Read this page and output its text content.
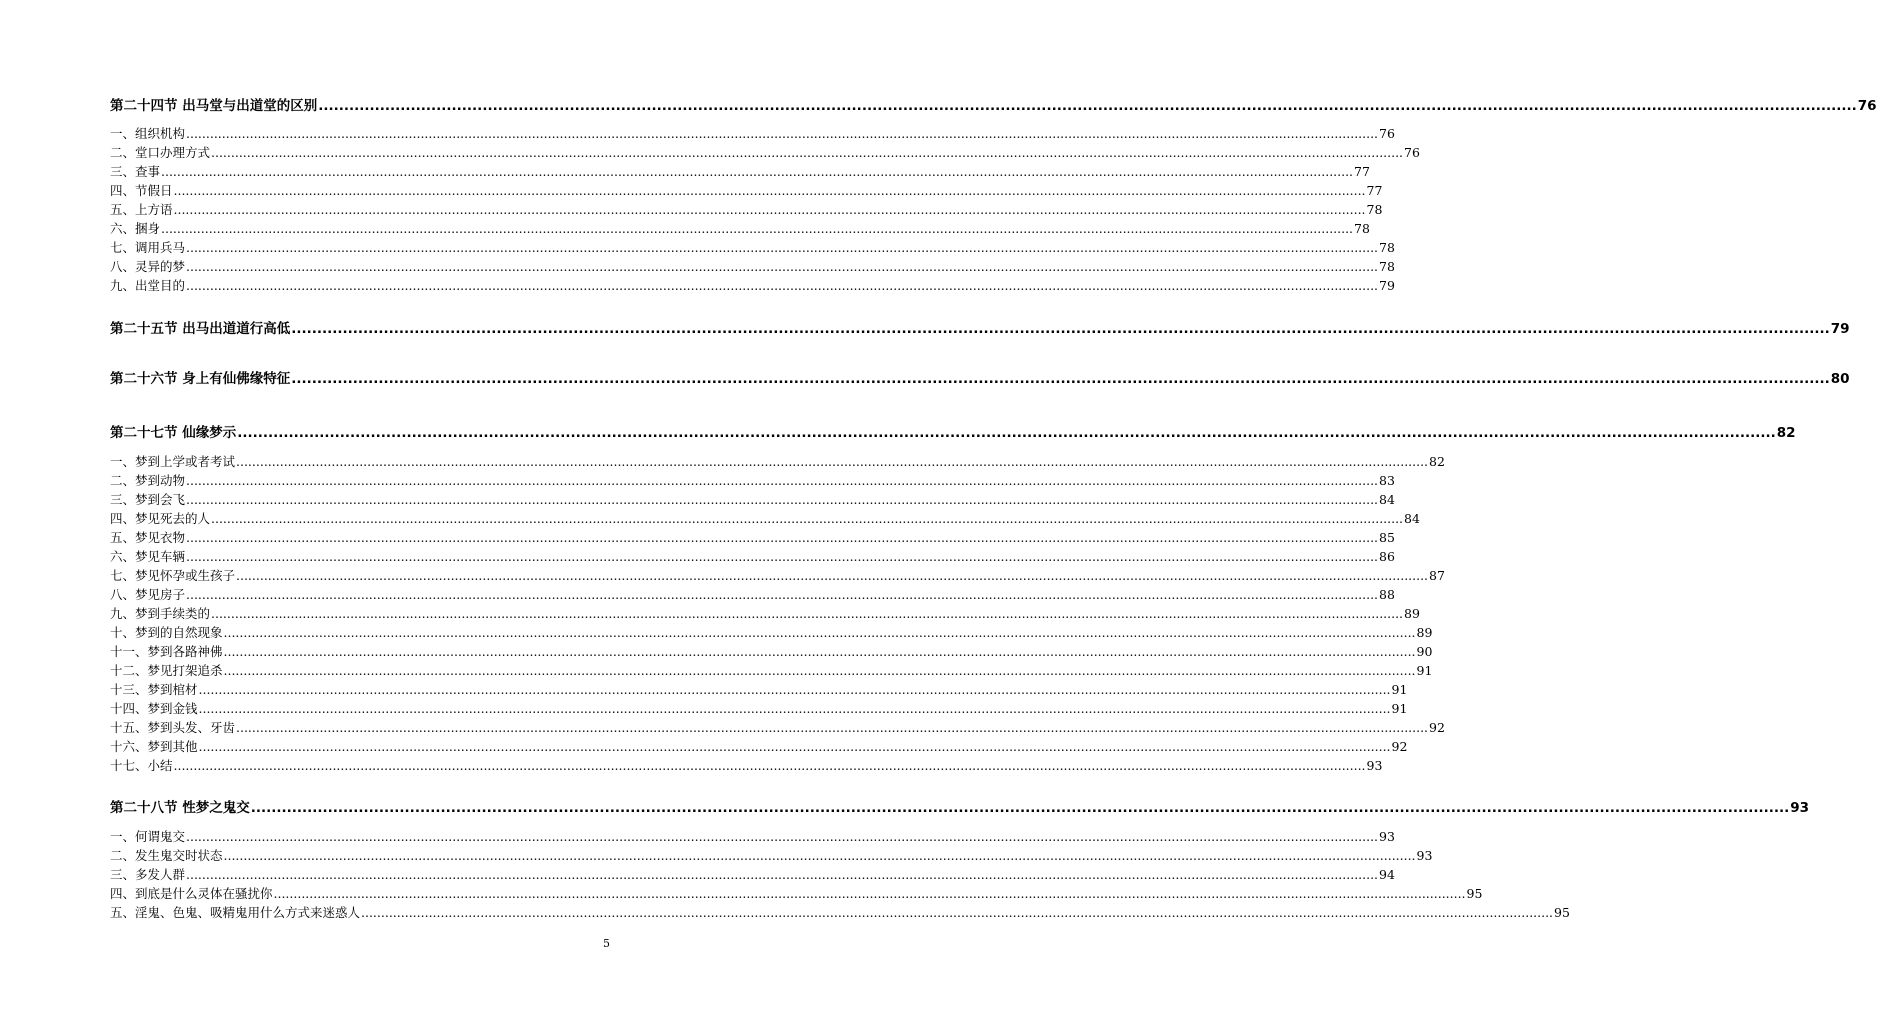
第二十四节 出马堂与出道堂的区别 ............................................................................................................................................................................................................................................................................................................ 76
一、组织机构 ............................................................................................................................................................................................................................................................................................................ 76
二、堂口办理方式 ............................................................................................................................................................................................................................................................................................................ 76
三、查事 ............................................................................................................................................................................................................................................................................................................ 77
四、节假日 ............................................................................................................................................................................................................................................................................................................ 77
五、上方语 ............................................................................................................................................................................................................................................................................................................ 78
六、捆身 ............................................................................................................................................................................................................................................................................................................ 78
七、调用兵马 ............................................................................................................................................................................................................................................................................................................ 78
八、灵异的梦 ............................................................................................................................................................................................................................................................................................................ 78
九、出堂目的 ............................................................................................................................................................................................................................................................................................................ 79
第二十五节 出马出道道行高低 ............................................................................................................................................................................................................................................................................................................ 79
第二十六节 身上有仙佛缘特征 ............................................................................................................................................................................................................................................................................................................ 80
第二十七节 仙缘梦示 ............................................................................................................................................................................................................................................................................................................ 82
一、梦到上学或者考试 ............................................................................................................................................................................................................................................................................................................ 82
二、梦到动物 ............................................................................................................................................................................................................................................................................................................ 83
三、梦到会飞 ............................................................................................................................................................................................................................................................................................................ 84
四、梦见死去的人 ............................................................................................................................................................................................................................................................................................................ 84
五、梦见衣物 ............................................................................................................................................................................................................................................................................................................ 85
六、梦见车辆 ............................................................................................................................................................................................................................................................................................................ 86
七、梦见怀孕或生孩子 ............................................................................................................................................................................................................................................................................................................ 87
八、梦见房子 ............................................................................................................................................................................................................................................................................................................ 88
九、梦到手续类的 ............................................................................................................................................................................................................................................................................................................ 89
十、梦到的自然现象 ............................................................................................................................................................................................................................................................................................................ 89
十一、梦到各路神佛 ............................................................................................................................................................................................................................................................................................................ 90
十二、梦见打架追杀 ............................................................................................................................................................................................................................................................................................................ 91
十三、梦到棺材 ............................................................................................................................................................................................................................................................................................................ 91
十四、梦到金钱 ............................................................................................................................................................................................................................................................................................................ 91
十五、梦到头发、牙齿 ............................................................................................................................................................................................................................................................................................................ 92
十六、梦到其他 ............................................................................................................................................................................................................................................................................................................ 92
十七、小结 ............................................................................................................................................................................................................................................................................................................ 93
第二十八节 性梦之鬼交 ............................................................................................................................................................................................................................................................................................................ 93
一、何谓鬼交 ............................................................................................................................................................................................................................................................................................................ 93
二、发生鬼交时状态 ............................................................................................................................................................................................................................................................................................................ 93
三、多发人群 ............................................................................................................................................................................................................................................................................................................ 94
四、到底是什么灵体在骚扰你 ............................................................................................................................................................................................................................................................................................................ 95
五、淫鬼、色鬼、吸精鬼用什么方式来迷惑人 ............................................................................................................................................................................................................................................................................................................ 95
5
